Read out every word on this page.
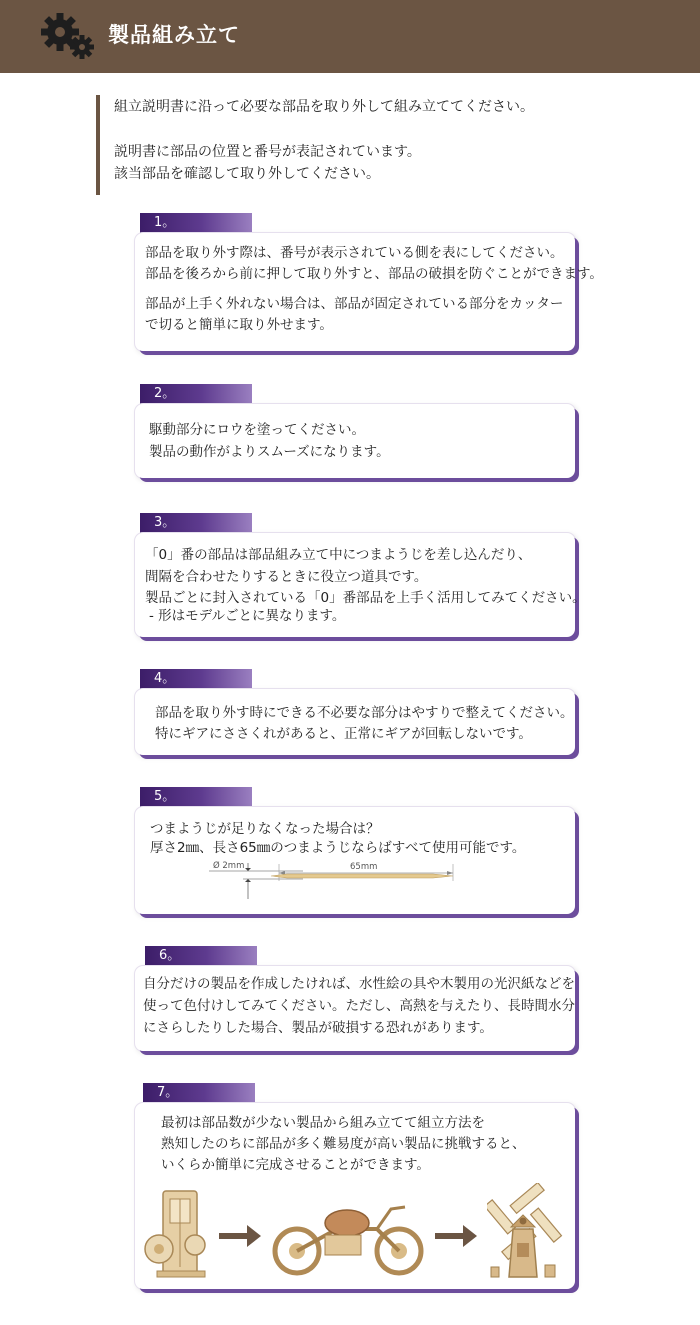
製品組み立て

組立説明書に沿って必要な部品を取り外して組み立ててください。

説明書に部品の位置と番号が表記されています。

該当部品を確認して取り外してください。

1。

部品を取り外す際は、番号が表示されている側を表にしてください。

部品を後ろから前に押して取り外すと、部品の破損を防ぐことができます。

部品が上手く外れない場合は、部品が固定されている部分をカッター

で切ると簡単に取り外せます。

2。

駆動部分にロウを塗ってください。

製品の動作がよりスムーズになります。

3。

「0」番の部品は部品組み立て中につまようじを差し込んだり、

間隔を合わせたりするときに役立つ道具です。

製品ごとに封入されている「0」番部品を上手く活用してみてください。

- 形はモデルごとに異なります。

4。

部品を取り外す時にできる不必要な部分はやすりで整えてください。

特にギアにささくれがあると、正常にギアが回転しないです。

5。

つまようじが足りなくなった場合は？

厚さ2㎜、長さ65㎜のつまようじならばすべて使用可能です。

Ø 2mm	65mm
6。

自分だけの製品を作成したければ、水性絵の具や木製用の光沢紙などを

使って色付けしてみてください。ただし、高熱を与えたり、長時間水分

にさらしたりした場合、製品が破損する恐れがあります。

7。

最初は部品数が少ない製品から組み立てて組立方法を

熟知したのちに部品が多く難易度が高い製品に挑戦すると、

いくらか簡単に完成させることができます。
